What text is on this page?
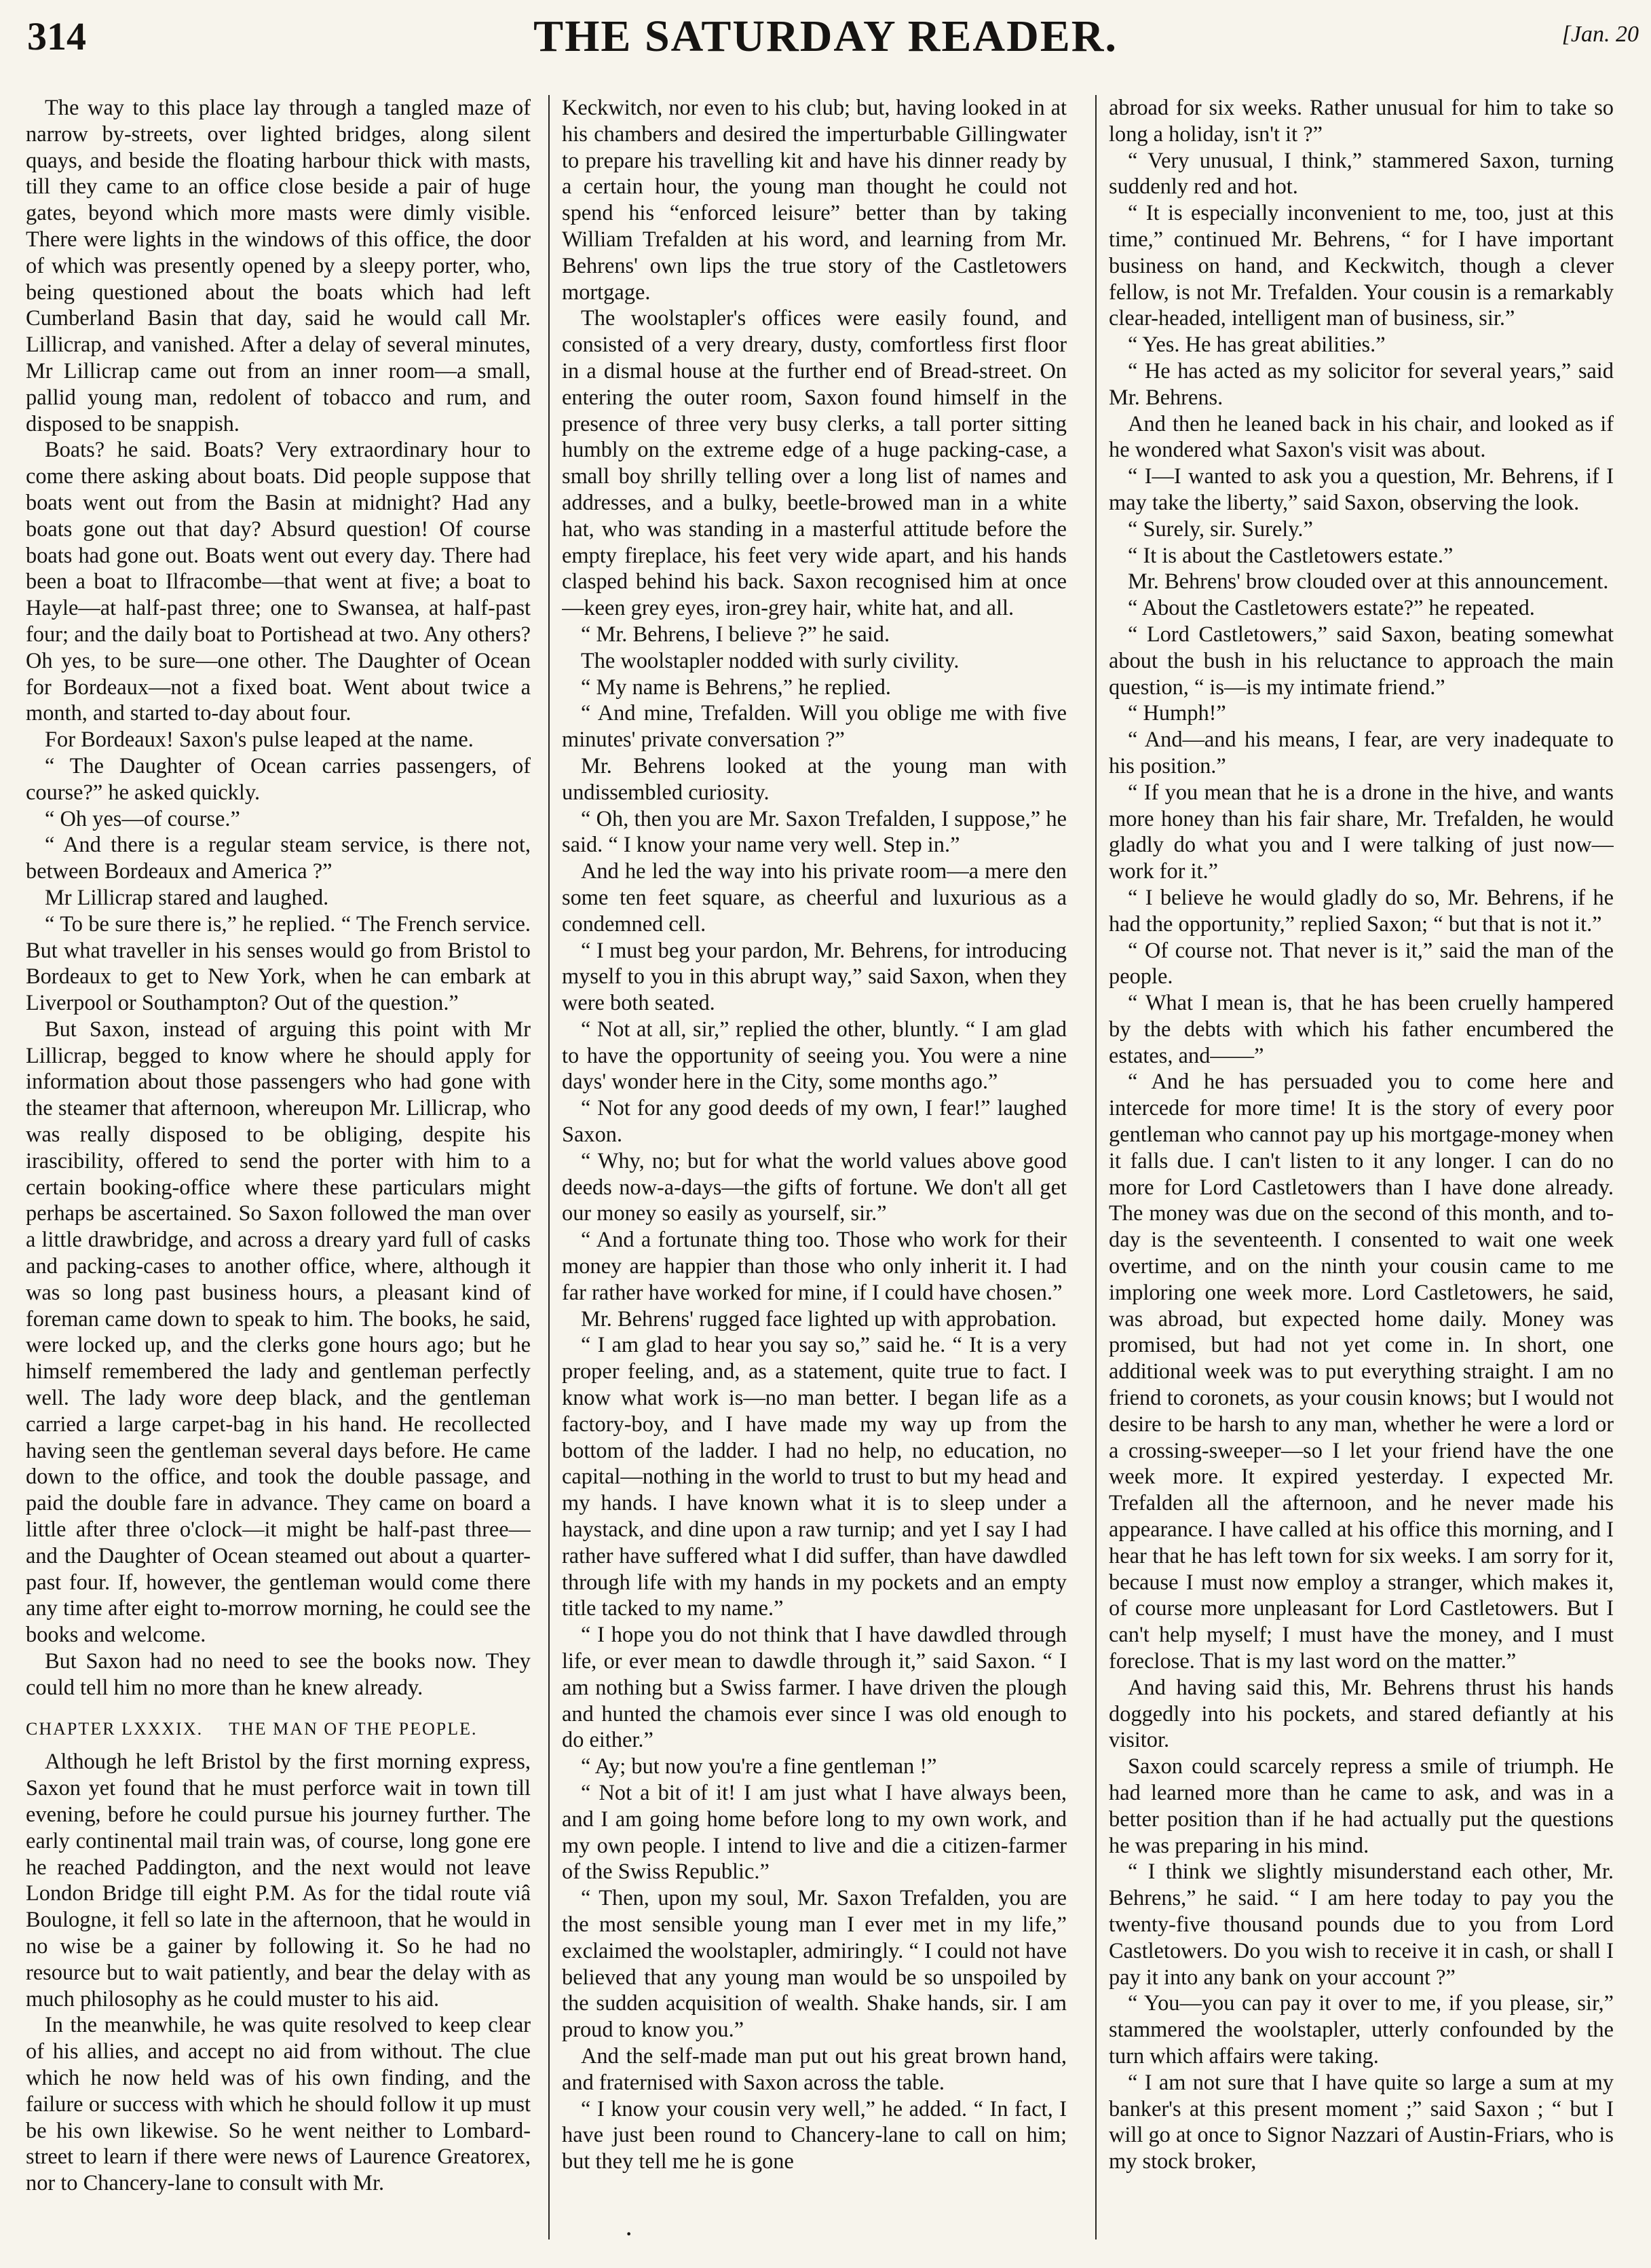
314	THE SATURDAY READER.	[Jan. 20

The way to this place lay through a tangled maze of narrow by-streets, over lighted bridges, along silent quays, and beside the floating harbour thick with masts, till they came to an office close beside a pair of huge gates, beyond which more masts were dimly visible. There were lights in the windows of this office, the door of which was presently opened by a sleepy porter, who, being questioned about the boats which had left Cumberland Basin that day, said he would call Mr. Lillicrap, and vanished. After a delay of several minutes, Mr Lillicrap came out from an inner room—a small, pallid young man, redolent of tobacco and rum, and disposed to be snappish.

Boats? he said. Boats? Very extraordinary hour to come there asking about boats. Did people suppose that boats went out from the Basin at midnight? Had any boats gone out that day? Absurd question! Of course boats had gone out. Boats went out every day. There had been a boat to Ilfracombe—that went at five; a boat to Hayle—at half-past three; one to Swansea, at half-past four; and the daily boat to Portishead at two. Any others? Oh yes, to be sure—one other. The Daughter of Ocean for Bordeaux—not a fixed boat. Went about twice a month, and started to-day about four.

For Bordeaux! Saxon's pulse leaped at the name.

“ The Daughter of Ocean carries passengers, of course?” he asked quickly.

“ Oh yes—of course.”

“ And there is a regular steam service, is there not, between Bordeaux and America ?”

Mr Lillicrap stared and laughed.

“ To be sure there is,” he replied. “ The French service. But what traveller in his senses would go from Bristol to Bordeaux to get to New York, when he can embark at Liverpool or Southampton? Out of the question.”

But Saxon, instead of arguing this point with Mr Lillicrap, begged to know where he should apply for information about those passengers who had gone with the steamer that afternoon, whereupon Mr. Lillicrap, who was really disposed to be obliging, despite his irascibility, offered to send the porter with him to a certain booking-office where these particulars might perhaps be ascertained. So Saxon followed the man over a little drawbridge, and across a dreary yard full of casks and packing-cases to another office, where, although it was so long past business hours, a pleasant kind of foreman came down to speak to him. The books, he said, were locked up, and the clerks gone hours ago; but he himself remembered the lady and gentleman perfectly well. The lady wore deep black, and the gentleman carried a large carpet-bag in his hand. He recollected having seen the gentleman several days before. He came down to the office, and took the double passage, and paid the double fare in advance. They came on board a little after three o'clock—it might be half-past three—and the Daughter of Ocean steamed out about a quarter-past four. If, however, the gentleman would come there any time after eight to-morrow morning, he could see the books and welcome.

But Saxon had no need to see the books now. They could tell him no more than he knew already.

CHAPTER LXXXIX. THE MAN OF THE PEOPLE.

Although he left Bristol by the first morning express, Saxon yet found that he must perforce wait in town till evening, before he could pursue his journey further. The early continental mail train was, of course, long gone ere he reached Paddington, and the next would not leave London Bridge till eight P.M. As for the tidal route viâ Boulogne, it fell so late in the afternoon, that he would in no wise be a gainer by following it. So he had no resource but to wait patiently, and bear the delay with as much philosophy as he could muster to his aid.

In the meanwhile, he was quite resolved to keep clear of his allies, and accept no aid from without. The clue which he now held was of his own finding, and the failure or success with which he should follow it up must be his own likewise. So he went neither to Lombard-street to learn if there were news of Laurence Greatorex, nor to Chancery-lane to consult with Mr.

Keckwitch, nor even to his club; but, having looked in at his chambers and desired the imperturbable Gillingwater to prepare his travelling kit and have his dinner ready by a certain hour, the young man thought he could not spend his “enforced leisure” better than by taking William Trefalden at his word, and learning from Mr. Behrens' own lips the true story of the Castletowers mortgage.

The woolstapler's offices were easily found, and consisted of a very dreary, dusty, comfortless first floor in a dismal house at the further end of Bread-street. On entering the outer room, Saxon found himself in the presence of three very busy clerks, a tall porter sitting humbly on the extreme edge of a huge packing-case, a small boy shrilly telling over a long list of names and addresses, and a bulky, beetle-browed man in a white hat, who was standing in a masterful attitude before the empty fireplace, his feet very wide apart, and his hands clasped behind his back. Saxon recognised him at once—keen grey eyes, iron-grey hair, white hat, and all.

“ Mr. Behrens, I believe ?” he said.

The woolstapler nodded with surly civility.

“ My name is Behrens,” he replied.

“ And mine, Trefalden. Will you oblige me with five minutes' private conversation ?”

Mr. Behrens looked at the young man with undissembled curiosity.

“ Oh, then you are Mr. Saxon Trefalden, I suppose,” he said. “ I know your name very well. Step in.”

And he led the way into his private room—a mere den some ten feet square, as cheerful and luxurious as a condemned cell.

“ I must beg your pardon, Mr. Behrens, for introducing myself to you in this abrupt way,” said Saxon, when they were both seated.

“ Not at all, sir,” replied the other, bluntly. “ I am glad to have the opportunity of seeing you. You were a nine days' wonder here in the City, some months ago.”

“ Not for any good deeds of my own, I fear!” laughed Saxon.

“ Why, no; but for what the world values above good deeds now-a-days—the gifts of fortune. We don't all get our money so easily as yourself, sir.”

“ And a fortunate thing too. Those who work for their money are happier than those who only inherit it. I had far rather have worked for mine, if I could have chosen.”

Mr. Behrens' rugged face lighted up with approbation.

“ I am glad to hear you say so,” said he. “ It is a very proper feeling, and, as a statement, quite true to fact. I know what work is—no man better. I began life as a factory-boy, and I have made my way up from the bottom of the ladder. I had no help, no education, no capital—nothing in the world to trust to but my head and my hands. I have known what it is to sleep under a haystack, and dine upon a raw turnip; and yet I say I had rather have suffered what I did suffer, than have dawdled through life with my hands in my pockets and an empty title tacked to my name.”

“ I hope you do not think that I have dawdled through life, or ever mean to dawdle through it,” said Saxon. “ I am nothing but a Swiss farmer. I have driven the plough and hunted the chamois ever since I was old enough to do either.”

“ Ay; but now you're a fine gentleman !”

“ Not a bit of it! I am just what I have always been, and I am going home before long to my own work, and my own people. I intend to live and die a citizen-farmer of the Swiss Republic.”

“ Then, upon my soul, Mr. Saxon Trefalden, you are the most sensible young man I ever met in my life,” exclaimed the woolstapler, admiringly. “ I could not have believed that any young man would be so unspoiled by the sudden acquisition of wealth. Shake hands, sir. I am proud to know you.”

And the self-made man put out his great brown hand, and fraternised with Saxon across the table.

“ I know your cousin very well,” he added. “ In fact, I have just been round to Chancery-lane to call on him; but they tell me he is gone

abroad for six weeks. Rather unusual for him to take so long a holiday, isn't it ?”

“ Very unusual, I think,” stammered Saxon, turning suddenly red and hot.

“ It is especially inconvenient to me, too, just at this time,” continued Mr. Behrens, “ for I have important business on hand, and Keckwitch, though a clever fellow, is not Mr. Trefalden. Your cousin is a remarkably clear-headed, intelligent man of business, sir.”

“ Yes. He has great abilities.”

“ He has acted as my solicitor for several years,” said Mr. Behrens.

And then he leaned back in his chair, and looked as if he wondered what Saxon's visit was about.

“ I—I wanted to ask you a question, Mr. Behrens, if I may take the liberty,” said Saxon, observing the look.

“ Surely, sir. Surely.”

“ It is about the Castletowers estate.”

Mr. Behrens' brow clouded over at this announcement.

“ About the Castletowers estate?” he repeated.

“ Lord Castletowers,” said Saxon, beating somewhat about the bush in his reluctance to approach the main question, “ is—is my intimate friend.”

“ Humph!”

“ And—and his means, I fear, are very inadequate to his position.”

“ If you mean that he is a drone in the hive, and wants more honey than his fair share, Mr. Trefalden, he would gladly do what you and I were talking of just now—work for it.”

“ I believe he would gladly do so, Mr. Behrens, if he had the opportunity,” replied Saxon; “ but that is not it.”

“ Of course not. That never is it,” said the man of the people.

“ What I mean is, that he has been cruelly hampered by the debts with which his father encumbered the estates, and——”

“ And he has persuaded you to come here and intercede for more time! It is the story of every poor gentleman who cannot pay up his mortgage-money when it falls due. I can't listen to it any longer. I can do no more for Lord Castletowers than I have done already. The money was due on the second of this month, and to-day is the seventeenth. I consented to wait one week overtime, and on the ninth your cousin came to me imploring one week more. Lord Castletowers, he said, was abroad, but expected home daily. Money was promised, but had not yet come in. In short, one additional week was to put everything straight. I am no friend to coronets, as your cousin knows; but I would not desire to be harsh to any man, whether he were a lord or a crossing-sweeper—so I let your friend have the one week more. It expired yesterday. I expected Mr. Trefalden all the afternoon, and he never made his appearance. I have called at his office this morning, and I hear that he has left town for six weeks. I am sorry for it, because I must now employ a stranger, which makes it, of course more unpleasant for Lord Castletowers. But I can't help myself; I must have the money, and I must foreclose. That is my last word on the matter.”

And having said this, Mr. Behrens thrust his hands doggedly into his pockets, and stared defiantly at his visitor.

Saxon could scarcely repress a smile of triumph. He had learned more than he came to ask, and was in a better position than if he had actually put the questions he was preparing in his mind.

“ I think we slightly misunderstand each other, Mr. Behrens,” he said. “ I am here today to pay you the twenty-five thousand pounds due to you from Lord Castletowers. Do you wish to receive it in cash, or shall I pay it into any bank on your account ?”

“ You—you can pay it over to me, if you please, sir,” stammered the woolstapler, utterly confounded by the turn which affairs were taking.

“ I am not sure that I have quite so large a sum at my banker's at this present moment ;” said Saxon ; “ but I will go at once to Signor Nazzari of Austin-Friars, who is my stock broker,

·
